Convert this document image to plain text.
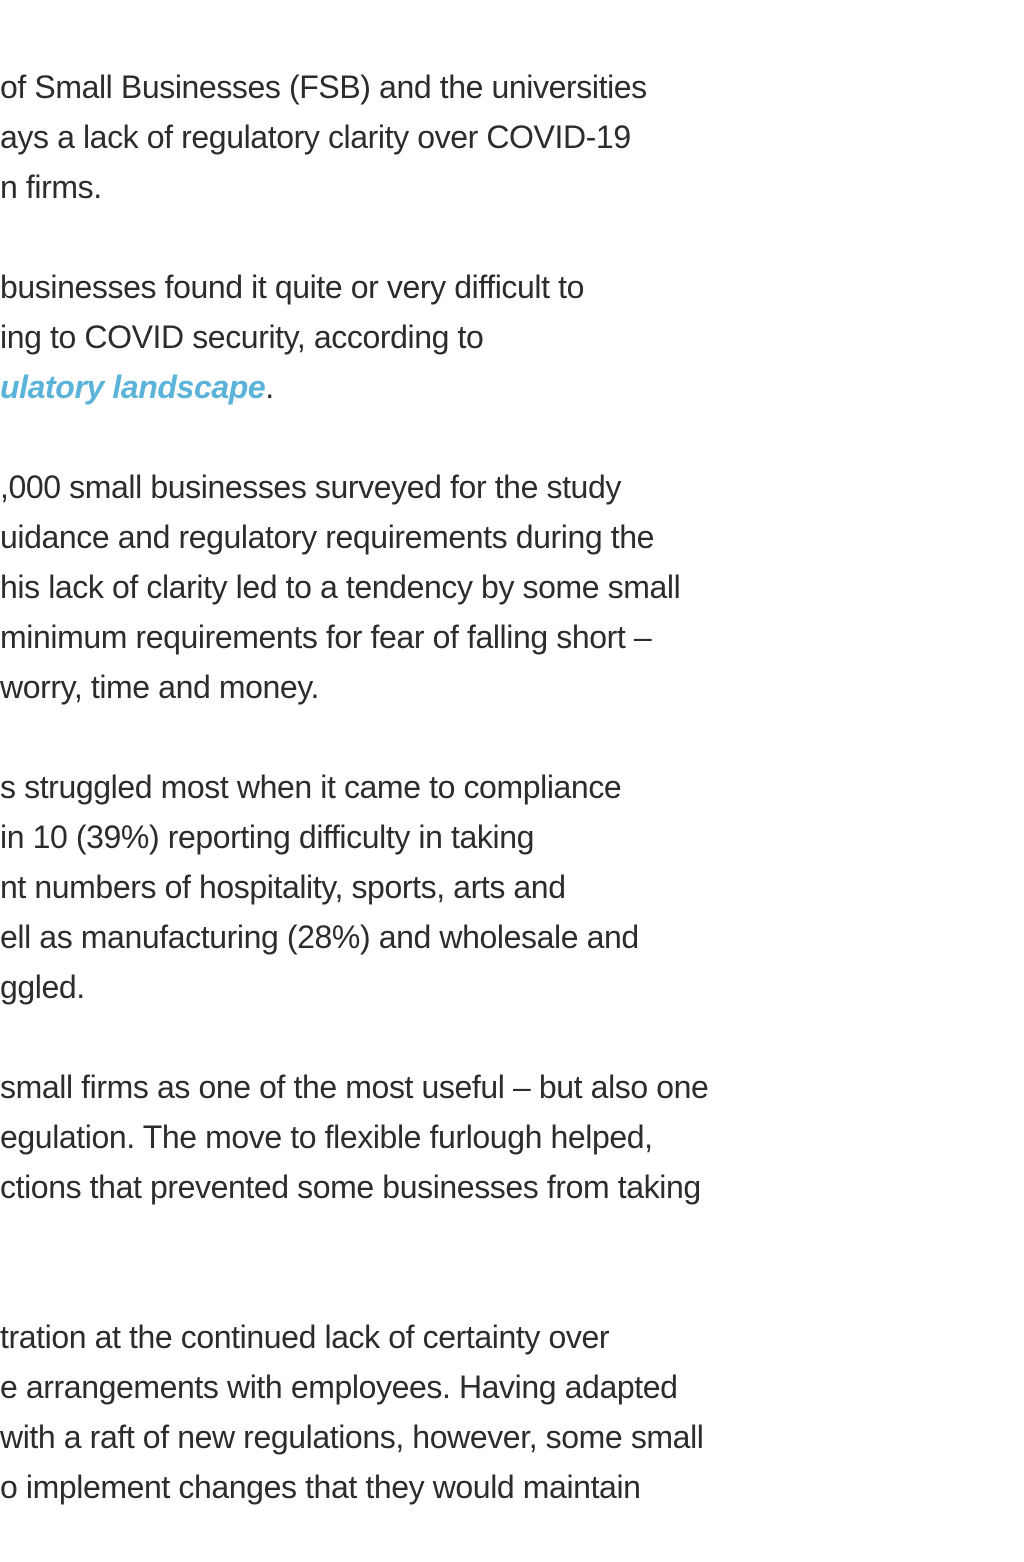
of Small Businesses (FSB) and the universities
ays a lack of regulatory clarity over COVID-19
n firms.
businesses found it quite or very difficult to
ing to COVID security, according to
ulatory landscape.
,000 small businesses surveyed for the study
uidance and regulatory requirements during the
his lack of clarity led to a tendency by some small
minimum requirements for fear of falling short –
worry, time and money.
s struggled most when it came to compliance
in 10 (39%) reporting difficulty in taking
nt numbers of hospitality, sports, arts and
ell as manufacturing (28%) and wholesale and
ggled.
small firms as one of the most useful – but also one
egulation. The move to flexible furlough helped,
ctions that prevented some businesses from taking
tration at the continued lack of certainty over
e arrangements with employees. Having adapted
with a raft of new regulations, however, some small
o implement changes that they would maintain
